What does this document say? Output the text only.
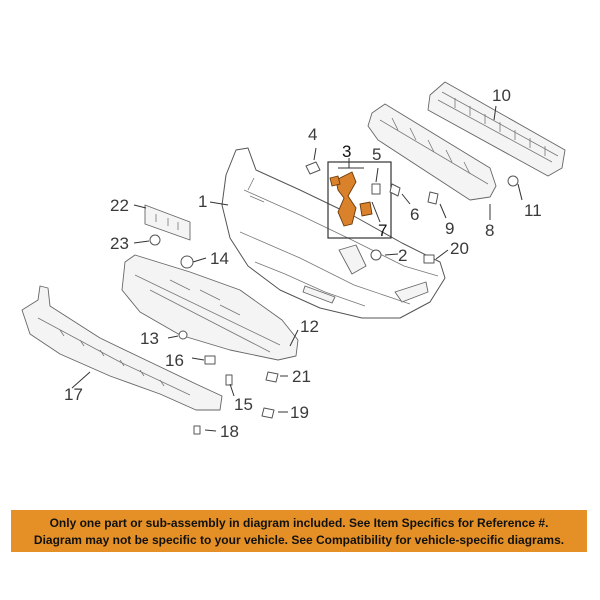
1
2
3
4
5
6
7	8
9
10
11
12
13
14
15
16
17
18
19
20
21
22
23
Only one part or sub-assembly in diagram included. See Item Specifics for Reference #.
Diagram may not be specific to your vehicle. See Compatibility for vehicle-specific diagrams.
